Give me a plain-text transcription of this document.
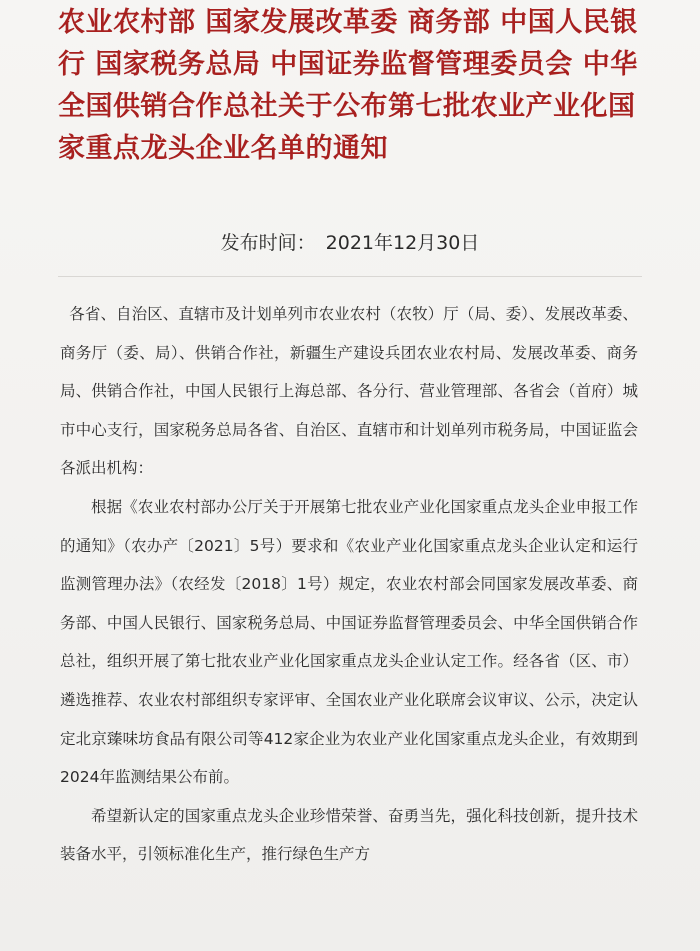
农业农村部 国家发展改革委 商务部 中国人民银行 国家税务总局 中国证券监督管理委员会 中华全国供销合作总社关于公布第七批农业产业化国家重点龙头企业名单的通知
发布时间： 2021年12月30日

各省、自治区、直辖市及计划单列市农业农村（农牧）厅（局、委）、发展改革委、商务厅（委、局）、供销合作社，新疆生产建设兵团农业农村局、发展改革委、商务局、供销合作社，中国人民银行上海总部、各分行、营业管理部、各省会（首府）城市中心支行，国家税务总局各省、自治区、直辖市和计划单列市税务局，中国证监会各派出机构：

根据《农业农村部办公厅关于开展第七批农业产业化国家重点龙头企业申报工作的通知》（农办产〔2021〕5号）要求和《农业产业化国家重点龙头企业认定和运行监测管理办法》（农经发〔2018〕1号）规定，农业农村部会同国家发展改革委、商务部、中国人民银行、国家税务总局、中国证券监督管理委员会、中华全国供销合作总社，组织开展了第七批农业产业化国家重点龙头企业认定工作。经各省（区、市）遴选推荐、农业农村部组织专家评审、全国农业产业化联席会议审议、公示，决定认定北京臻味坊食品有限公司等412家企业为农业产业化国家重点龙头企业，有效期到2024年监测结果公布前。

希望新认定的国家重点龙头企业珍惜荣誉、奋勇当先，强化科技创新，提升技术装备水平，引领标准化生产，推行绿色生产方
